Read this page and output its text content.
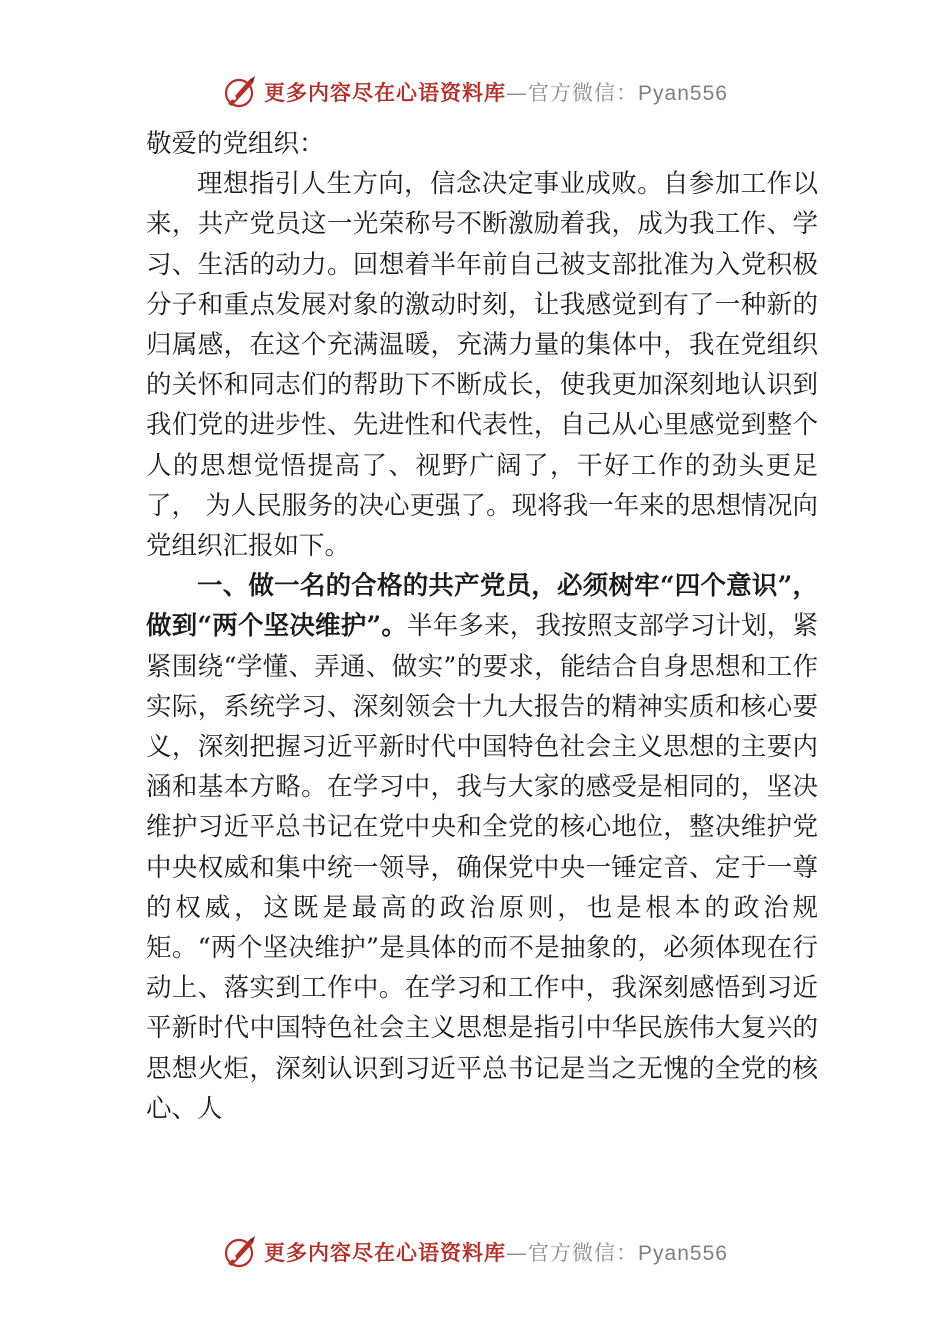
更多内容尽在心语资料库—官方微信：Pyan556

敬爱的党组织：

理想指引人生方向，信念决定事业成败。自参加工作以来，共产党员这一光荣称号不断激励着我，成为我工作、学习、生活的动力。回想着半年前自己被支部批准为入党积极分子和重点发展对象的激动时刻，让我感觉到有了一种新的归属感，在这个充满温暖，充满力量的集体中，我在党组织的关怀和同志们的帮助下不断成长，使我更加深刻地认识到我们党的进步性、先进性和代表性，自己从心里感觉到整个人的思想觉悟提高了、视野广阔了，干好工作的劲头更足了， 为人民服务的决心更强了。现将我一年来的思想情况向党组织汇报如下。

一、做一名的合格的共产党员，必须树牢“四个意识”，做到“两个坚决维护”。半年多来，我按照支部学习计划，紧紧围绕“学懂、弄通、做实”的要求，能结合自身思想和工作实际，系统学习、深刻领会十九大报告的精神实质和核心要义，深刻把握习近平新时代中国特色社会主义思想的主要内涵和基本方略。在学习中，我与大家的感受是相同的，坚决维护习近平总书记在党中央和全党的核心地位，整决维护党中央权威和集中统一领导，确保党中央一锤定音、定于一尊的权威，这既是最高的政治原则，也是根本的政治规矩。“两个坚决维护”是具体的而不是抽象的，必须体现在行动上、落实到工作中。在学习和工作中，我深刻感悟到习近平新时代中国特色社会主义思想是指引中华民族伟大复兴的思想火炬，深刻认识到习近平总书记是当之无愧的全党的核心、人

更多内容尽在心语资料库—官方微信：Pyan556
